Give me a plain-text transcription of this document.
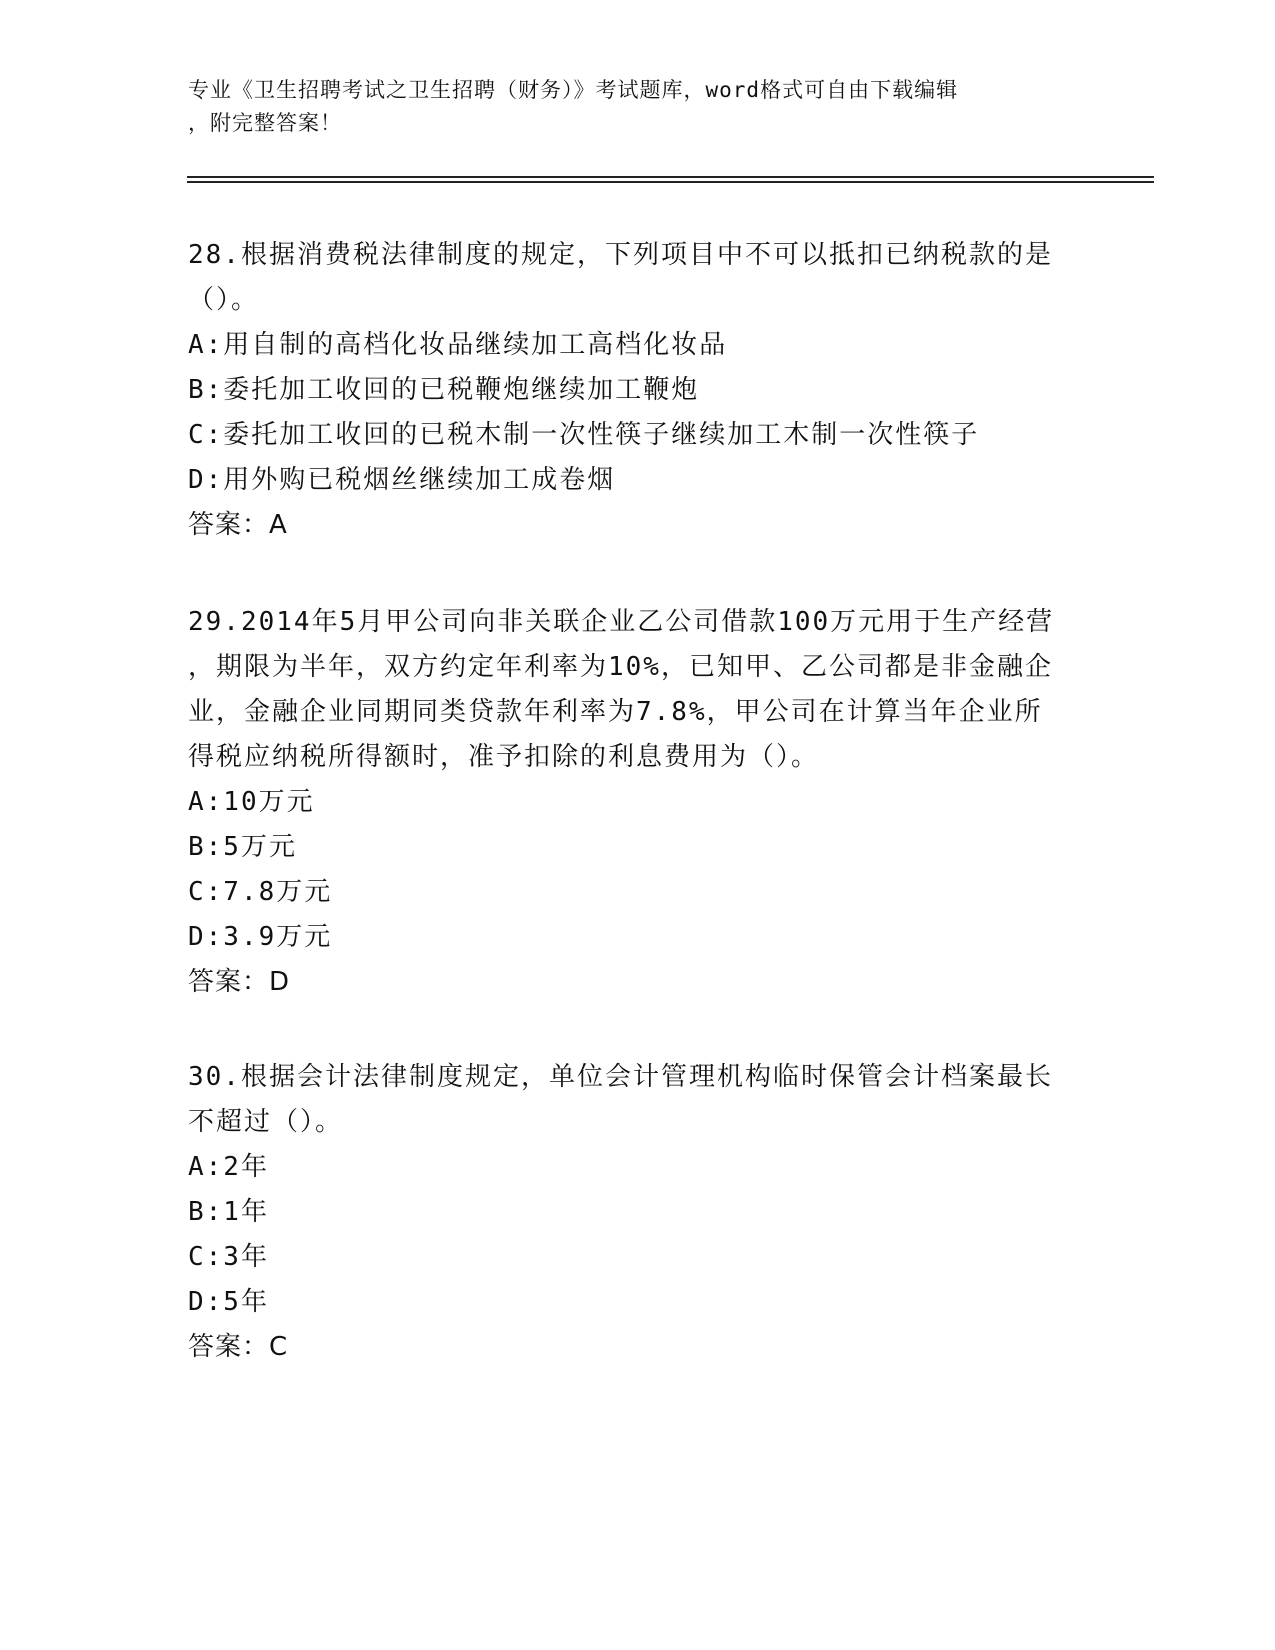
专业《卫生招聘考试之卫生招聘（财务）》考试题库，word格式可自由下载编辑
，附完整答案！

28.根据消费税法律制度的规定，下列项目中不可以抵扣已纳税款的是

（）。

A:用自制的高档化妆品继续加工高档化妆品

B:委托加工收回的已税鞭炮继续加工鞭炮

C:委托加工收回的已税木制一次性筷子继续加工木制一次性筷子

D:用外购已税烟丝继续加工成卷烟

答案：A

29.2014年5月甲公司向非关联企业乙公司借款100万元用于生产经营

，期限为半年，双方约定年利率为10%，已知甲、乙公司都是非金融企

业，金融企业同期同类贷款年利率为7.8%，甲公司在计算当年企业所

得税应纳税所得额时，准予扣除的利息费用为（）。

A:10万元

B:5万元

C:7.8万元

D:3.9万元

答案：D

30.根据会计法律制度规定，单位会计管理机构临时保管会计档案最长

不超过（）。

A:2年

B:1年

C:3年

D:5年

答案：C
